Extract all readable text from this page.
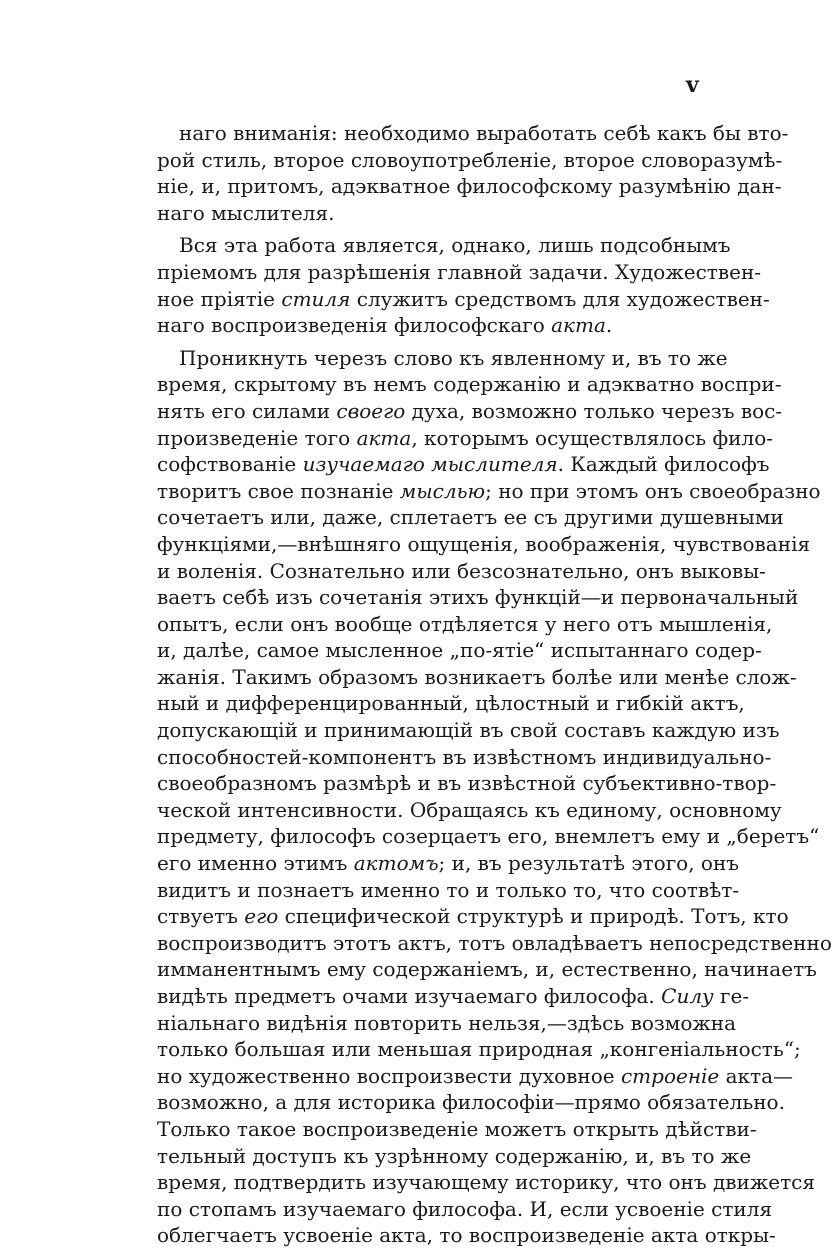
v
наго вниманія: необходимо выработать себѣ какъ бы вто-
рой стиль, второе словоупотребленіе, второе словоразумѣ-
ніе, и, притомъ, адэкватное философскому разумѣнію дан-
наго мыслителя.
Вся эта работа является, однако, лишь подсобнымъ
пріемомъ для разрѣшенія главной задачи. Художествен-
ное пріятіе стиля служитъ средствомъ для художествен-
наго воспроизведенія философскаго акта.
Проникнуть черезъ слово къ явленному и, въ то же
время, скрытому въ немъ содержанію и адэкватно воспри-
нять его силами своего духа, возможно только черезъ вос-
произведеніе того акта, которымъ осуществлялось фило-
софствованіе изучаемаго мыслителя. Каждый философъ
творитъ свое познаніе мыслью; но при этомъ онъ своеобразно
сочетаетъ или, даже, сплетаетъ ее съ другими душевными
функціями,—внѣшняго ощущенія, воображенія, чувствованія
и воленія. Сознательно или безсознательно, онъ выковы-
ваетъ себѣ изъ сочетанія этихъ функцій—и первоначальный
опытъ, если онъ вообще отдѣляется у него отъ мышленія,
и, далѣе, самое мысленное „по-ятіе“ испытаннаго содер-
жанія. Такимъ образомъ возникаетъ болѣе или менѣе слож-
ный и дифференцированный, цѣлостный и гибкій актъ,
допускающій и принимающій въ свой составъ каждую изъ
способностей-компонентъ въ извѣстномъ индивидуально-
своеобразномъ размѣрѣ и въ извѣстной субъективно-твор-
ческой интенсивности. Обращаясь къ единому, основному
предмету, философъ созерцаетъ его, внемлетъ ему и „беретъ“
его именно этимъ актомъ; и, въ результатѣ этого, онъ
видитъ и познаетъ именно то и только то, что соотвѣт-
ствуетъ его специфической структурѣ и природѣ. Тотъ, кто
воспроизводитъ этотъ актъ, тотъ овладѣваетъ непосредственно
имманентнымъ ему содержаніемъ, и, естественно, начинаетъ
видѣть предметъ очами изучаемаго философа. Силу ге-
ніальнаго видѣнія повторить нельзя,—здѣсь возможна
только большая или меньшая природная „конгеніальность“;
но художественно воспроизвести духовное строеніе акта—
возможно, а для историка философіи—прямо обязательно.
Только такое воспроизведеніе можетъ открыть дѣйстви-
тельный доступъ къ узрѣнному содержанію, и, въ то же
время, подтвердить изучающему историку, что онъ движется
по стопамъ изучаемаго философа. И, если усвоеніе стиля
облегчаетъ усвоеніе акта, то воспроизведеніе акта откры-
